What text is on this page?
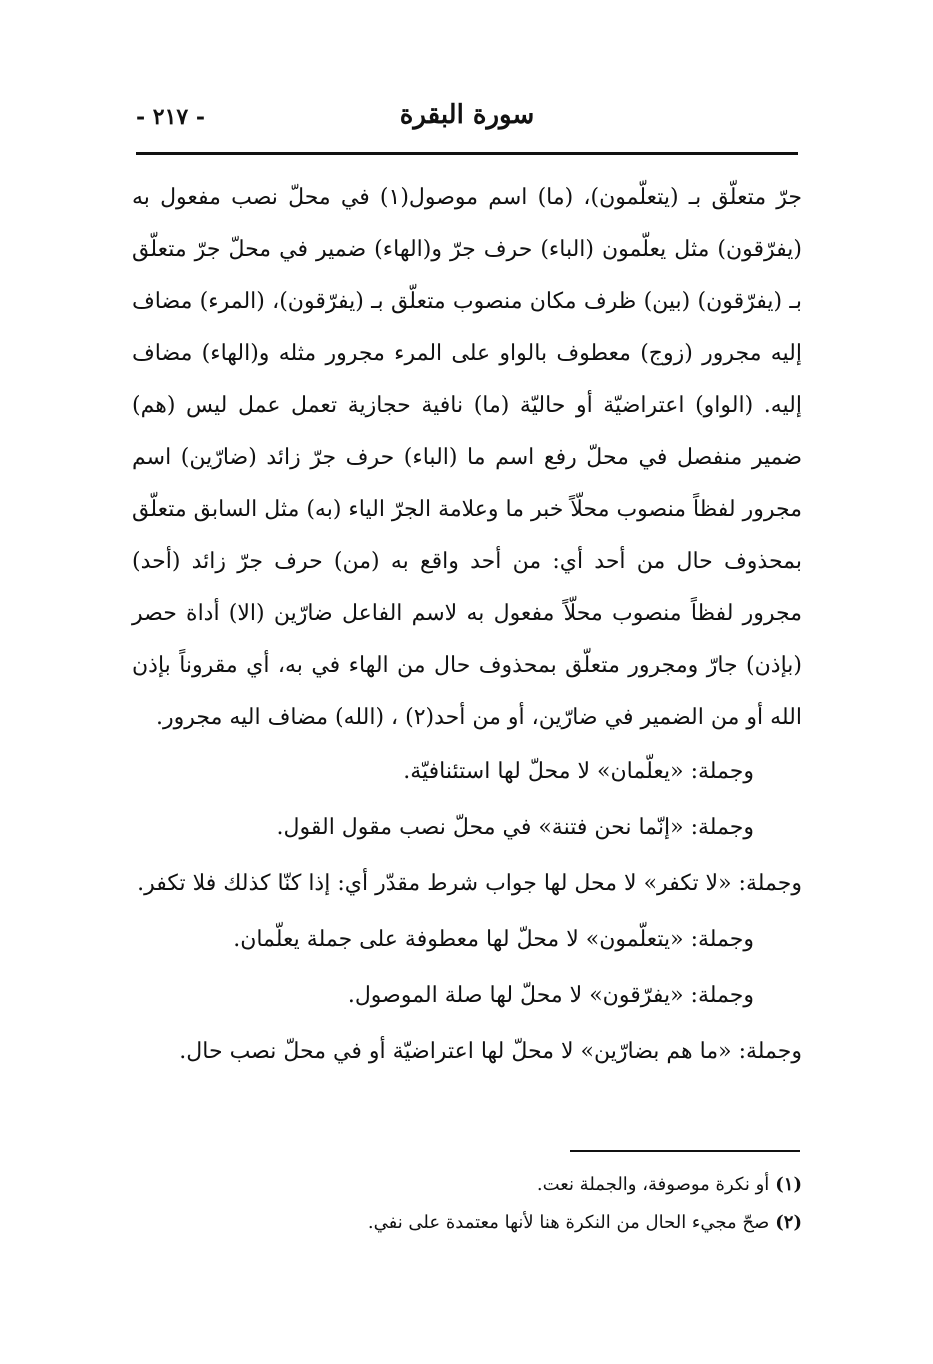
- ٢١٧ -	سورة البقرة

جرّ متعلّق بـ (يتعلّمون)، (ما) اسم موصول(١) في محلّ نصب مفعول به (يفرّقون) مثل يعلّمون (الباء) حرف جرّ و(الهاء) ضمير في محلّ جرّ متعلّق بـ (يفرّقون) (بين) ظرف مكان منصوب متعلّق بـ (يفرّقون)، (المرء) مضاف إليه مجرور (زوج) معطوف بالواو على المرء مجرور مثله و(الهاء) مضاف إليه. (الواو) اعتراضيّة أو حاليّة (ما) نافية حجازية تعمل عمل ليس (هم) ضمير منفصل في محلّ رفع اسم ما (الباء) حرف جرّ زائد (ضارّين) اسم مجرور لفظاً منصوب محلّاً خبر ما وعلامة الجرّ الياء (به) مثل السابق متعلّق بمحذوف حال من أحد أي: من أحد واقع به (من) حرف جرّ زائد (أحد) مجرور لفظاً منصوب محلّاً مفعول به لاسم الفاعل ضارّين (الا) أداة حصر (بإذن) جارّ ومجرور متعلّق بمحذوف حال من الهاء في به، أي مقروناً بإذن الله أو من الضمير في ضارّين، أو من أحد(٢) ، (الله) مضاف اليه مجرور.

وجملة: «يعلّمان» لا محلّ لها استئنافيّة.

وجملة: «إنّما نحن فتنة» في محلّ نصب مقول القول.

وجملة: «لا تكفر» لا محل لها جواب شرط مقدّر أي: إذا كنّا كذلك فلا تكفر.

وجملة: «يتعلّمون» لا محلّ لها معطوفة على جملة يعلّمان.

وجملة: «يفرّقون» لا محلّ لها صلة الموصول.

وجملة: «ما هم بضارّين» لا محلّ لها اعتراضيّة أو في محلّ نصب حال.

(١)أو نكرة موصوفة، والجملة نعت.

(٢)صحّ مجيء الحال من النكرة هنا لأنها معتمدة على نفي.
